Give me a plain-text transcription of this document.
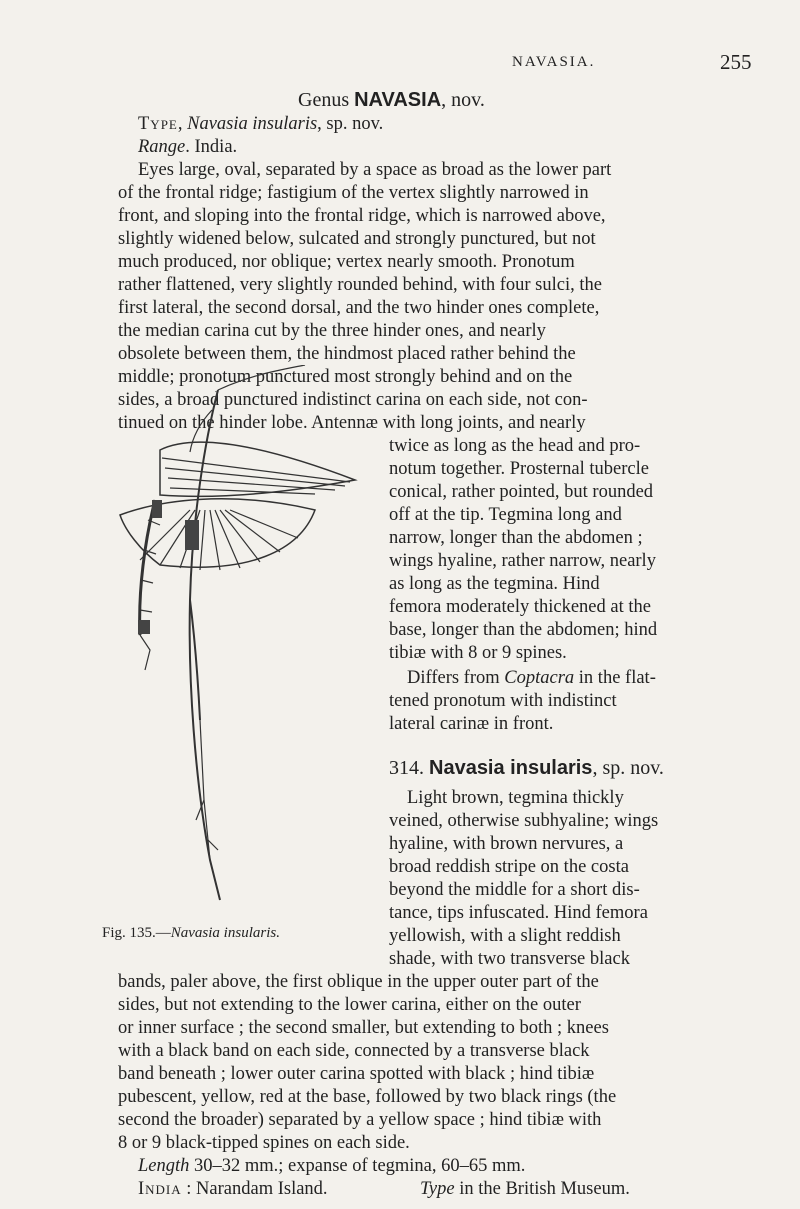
NAVASIA.	255
Genus NAVASIA, nov.
Type, Navasia insularis, sp. nov.
Range. India.
Eyes large, oval, separated by a space as broad as the lower part
of the frontal ridge; fastigium of the vertex slightly narrowed in
front, and sloping into the frontal ridge, which is narrowed above,
slightly widened below, sulcated and strongly punctured, but not
much produced, nor oblique; vertex nearly smooth. Pronotum
rather flattened, very slightly rounded behind, with four sulci, the
first lateral, the second dorsal, and the two hinder ones complete,
the median carina cut by the three hinder ones, and nearly
obsolete between them, the hindmost placed rather behind the
middle; pronotum punctured most strongly behind and on the
sides, a broad punctured indistinct carina on each side, not con-
tinued on the hinder lobe. Antennæ with long joints, and nearly
twice as long as the head and pro-
notum together. Prosternal tubercle
conical, rather pointed, but rounded
off at the tip. Tegmina long and
narrow, longer than the abdomen ;
wings hyaline, rather narrow, nearly
as long as the tegmina. Hind
femora moderately thickened at the
base, longer than the abdomen; hind
tibiæ with 8 or 9 spines.
Differs from Coptacra in the flat-
tened pronotum with indistinct
lateral carinæ in front.
314. Navasia insularis, sp. nov.
Light brown, tegmina thickly
veined, otherwise subhyaline; wings
hyaline, with brown nervures, a
broad reddish stripe on the costa
beyond the middle for a short dis-
tance, tips infuscated. Hind femora
yellowish, with a slight reddish
shade, with two transverse black
Fig. 135.—Navasia insularis.
bands, paler above, the first oblique in the upper outer part of the
sides, but not extending to the lower carina, either on the outer
or inner surface ; the second smaller, but extending to both ; knees
with a black band on each side, connected by a transverse black
band beneath ; lower outer carina spotted with black ; hind tibiæ
pubescent, yellow, red at the base, followed by two black rings (the
second the broader) separated by a yellow space ; hind tibiæ with
8 or 9 black-tipped spines on each side.
Length 30–32 mm.; expanse of tegmina, 60–65 mm.
India : Narandam Island.	Type in the British Museum.
